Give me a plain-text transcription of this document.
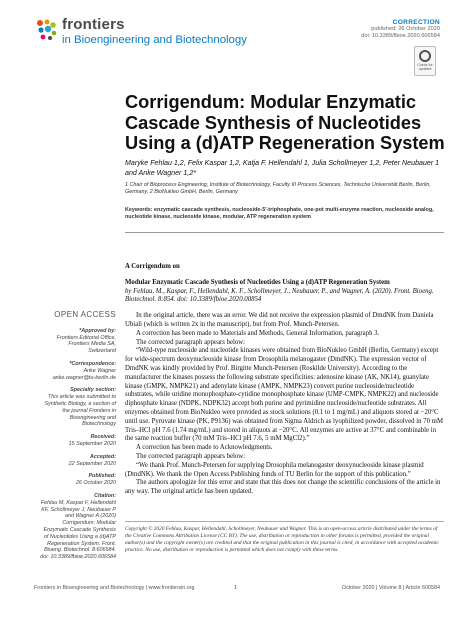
frontiers
in Bioengineering and Biotechnology
CORRECTION
published: 26 October 2020
doi: 10.3389/fbioe.2020.606584
Check for updates
Corrigendum: Modular Enzymatic Cascade Synthesis of Nucleotides Using a (d)ATP Regeneration System
Maryke Fehlau 1,2, Felix Kaspar 1,2, Katja F. Hellendahl 1, Julia Schollmeyer 1,2, Peter Neubauer 1 and Anke Wagner 1,2*
1 Chair of Bioprocess Engineering, Institute of Biotechnology, Faculty III Process Sciences, Technische Universität Berlin, Berlin, Germany, 2 BioNukleo GmbH, Berlin, Germany
Keywords: enzymatic cascade synthesis, nucleoside-5′-triphosphate, one-pot multi-enzyme reaction, nucleoside analog, nucleotide kinase, nucleoside kinase, modular, ATP regeneration system
OPEN ACCESS
*Approved by:
Frontiers Editorial Office, Frontiers Media SA, Switzerland
*Correspondence:
Anke Wagner anke.wagner@tu-berlin.de
Specialty section:
This article was submitted to Synthetic Biology, a section of the journal Frontiers in Bioengineering and Biotechnology
Received:
15 September 2020
Accepted:
22 September 2020
Published:
26 October 2020
Citation:
Fehlau M, Kaspar F, Hellendahl KF, Schollmeyer J, Neubauer P and Wagner A (2020) Corrigendum: Modular Enzymatic Cascade Synthesis of Nucleotides Using a (d)ATP Regeneration System. Front. Bioeng. Biotechnol. 8:606584. doi: 10.3389/fbioe.2020.606584

A Corrigendum on

Modular Enzymatic Cascade Synthesis of Nucleotides Using a (d)ATP Regeneration System

by Fehlau, M., Kaspar, F., Hellendahl, K. F., Schollmeyer, J., Neubauer, P., and Wagner, A. (2020). Front. Bioeng. Biotechnol. 8:854. doi: 10.3389/fbioe.2020.00854

In the original article, there was an error. We did not receive the expression plasmid of DmdNK from Daniela Ubiali (which is written 2x in the manuscript), but from Prof. Munch-Petersen.

A correction has been made to Materials and Methods, General Information, paragraph 3.

The corrected paragraph appears below:

“Wild-type nucleoside and nucleotide kinases were obtained from BioNukleo GmbH (Berlin, Germany) except for wide-spectrum deoxynucleoside kinase from Drosophila melanogaster (DmdNK). The expression vector of DmdNK was kindly provided by Prof. Birgitte Munch-Petersen (Roskilde University). According to the manufacturer the kinases possess the following substrate specificities: adenosine kinase (AK, NK14), guanylate kinase (GMPK, NMPK21) and adenylate kinase (AMPK, NMPK23) convert purine nucleoside/nucleotide substrates, while uridine monophosphate-cytidine monophosphate kinase (UMP-CMPK, NMPK22) and nucleoside diphosphate kinase (NDPK, NDPK32) accept both purine and pyrimidine nucleoside/nucleotide substrates. All enzymes obtained from BioNukleo were provided as stock solutions (0.1 to 1 mg/mL) and aliquots stored at −20°C until use. Pyruvate kinase (PK, P9136) was obtained from Sigma Aldrich as lyophilized powder, dissolved in 70 mM Tris–HCl pH 7.6 (1.74 mg/mL) and stored in aliquots at −20°C. All enzymes are active at 37°C and combinable in the same reaction buffer (70 mM Tris–HCl pH 7.6, 5 mM MgCl2).”

A correction has been made to Acknowledgments.

The corrected paragraph appears below:

“We thank Prof. Munch-Petersen for supplying Drosophila melanogaster deoxynucleoside kinase plasmid (DmdNK). We thank the Open Access Publishing funds of TU Berlin for the support of this publication.”

The authors apologize for this error and state that this does not change the scientific conclusions of the article in any way. The original article has been updated.

Copyright © 2020 Fehlau, Kaspar, Hellendahl, Schollmeyer, Neubauer and Wagner. This is an open-access article distributed under the terms of the Creative Commons Attribution License (CC BY). The use, distribution or reproduction in other forums is permitted, provided the original author(s) and the copyright owner(s) are credited and that the original publication in this journal is cited, in accordance with accepted academic practice. No use, distribution or reproduction is permitted which does not comply with these terms.
Frontiers in Bioengineering and Biotechnology | www.frontiersin.org	1	October 2020 | Volume 8 | Article 606584
